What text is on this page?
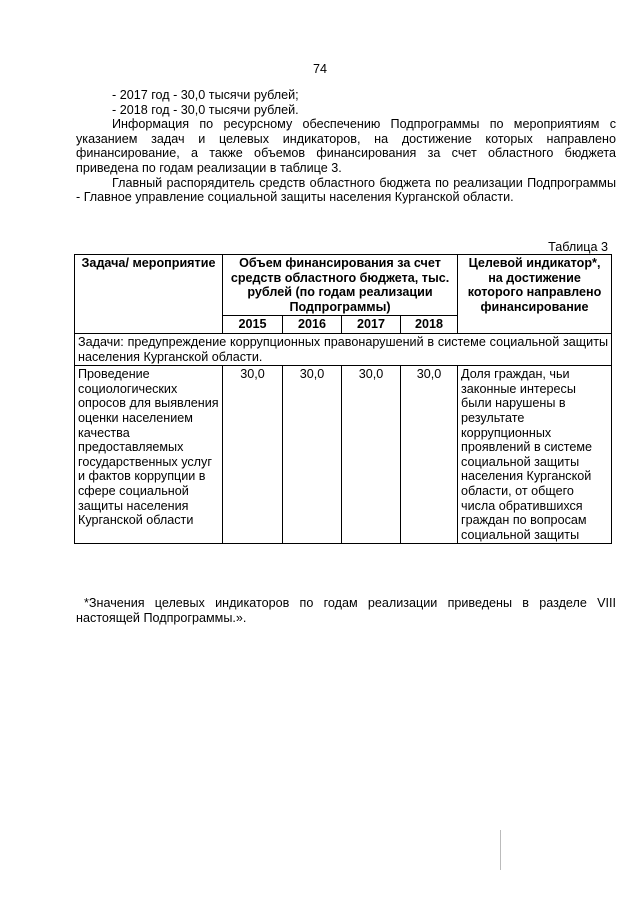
74

- 2017 год - 30,0 тысячи рублей;

- 2018 год - 30,0 тысячи рублей.

Информация по ресурсному обеспечению Подпрограммы по мероприятиям с указанием задач и целевых индикаторов, на достижение которых направлено финансирование, а также объемов финансирования за счет областного бюджета приведена по годам реализации в таблице 3.

Главный распорядитель средств областного бюджета по реализации Подпрограммы - Главное управление социальной защиты населения Курганской области.

Таблица 3
Задача/ мероприятие	Объем финансирования за счет средств областного бюджета, тыс. рублей (по годам реализации Подпрограммы)				Целевой индикатор*, на достижение которого направлено финансирование
	2015	2016	2017	2018	
Задачи: предупреждение коррупционных правонарушений в системе социальной защиты населения Курганской области.					
Проведение социологических опросов для выявления оценки населением качества предоставляемых государственных услуг и фактов коррупции в сфере социальной защиты населения Курганской области	30,0	30,0	30,0	30,0	Доля граждан, чьи законные интересы были нарушены в результате коррупционных проявлений в системе социальной защиты населения Курганской области, от общего числа обратившихся граждан по вопросам социальной защиты
*Значения целевых индикаторов по годам реализации приведены в разделе VIII настоящей Подпрограммы.».
